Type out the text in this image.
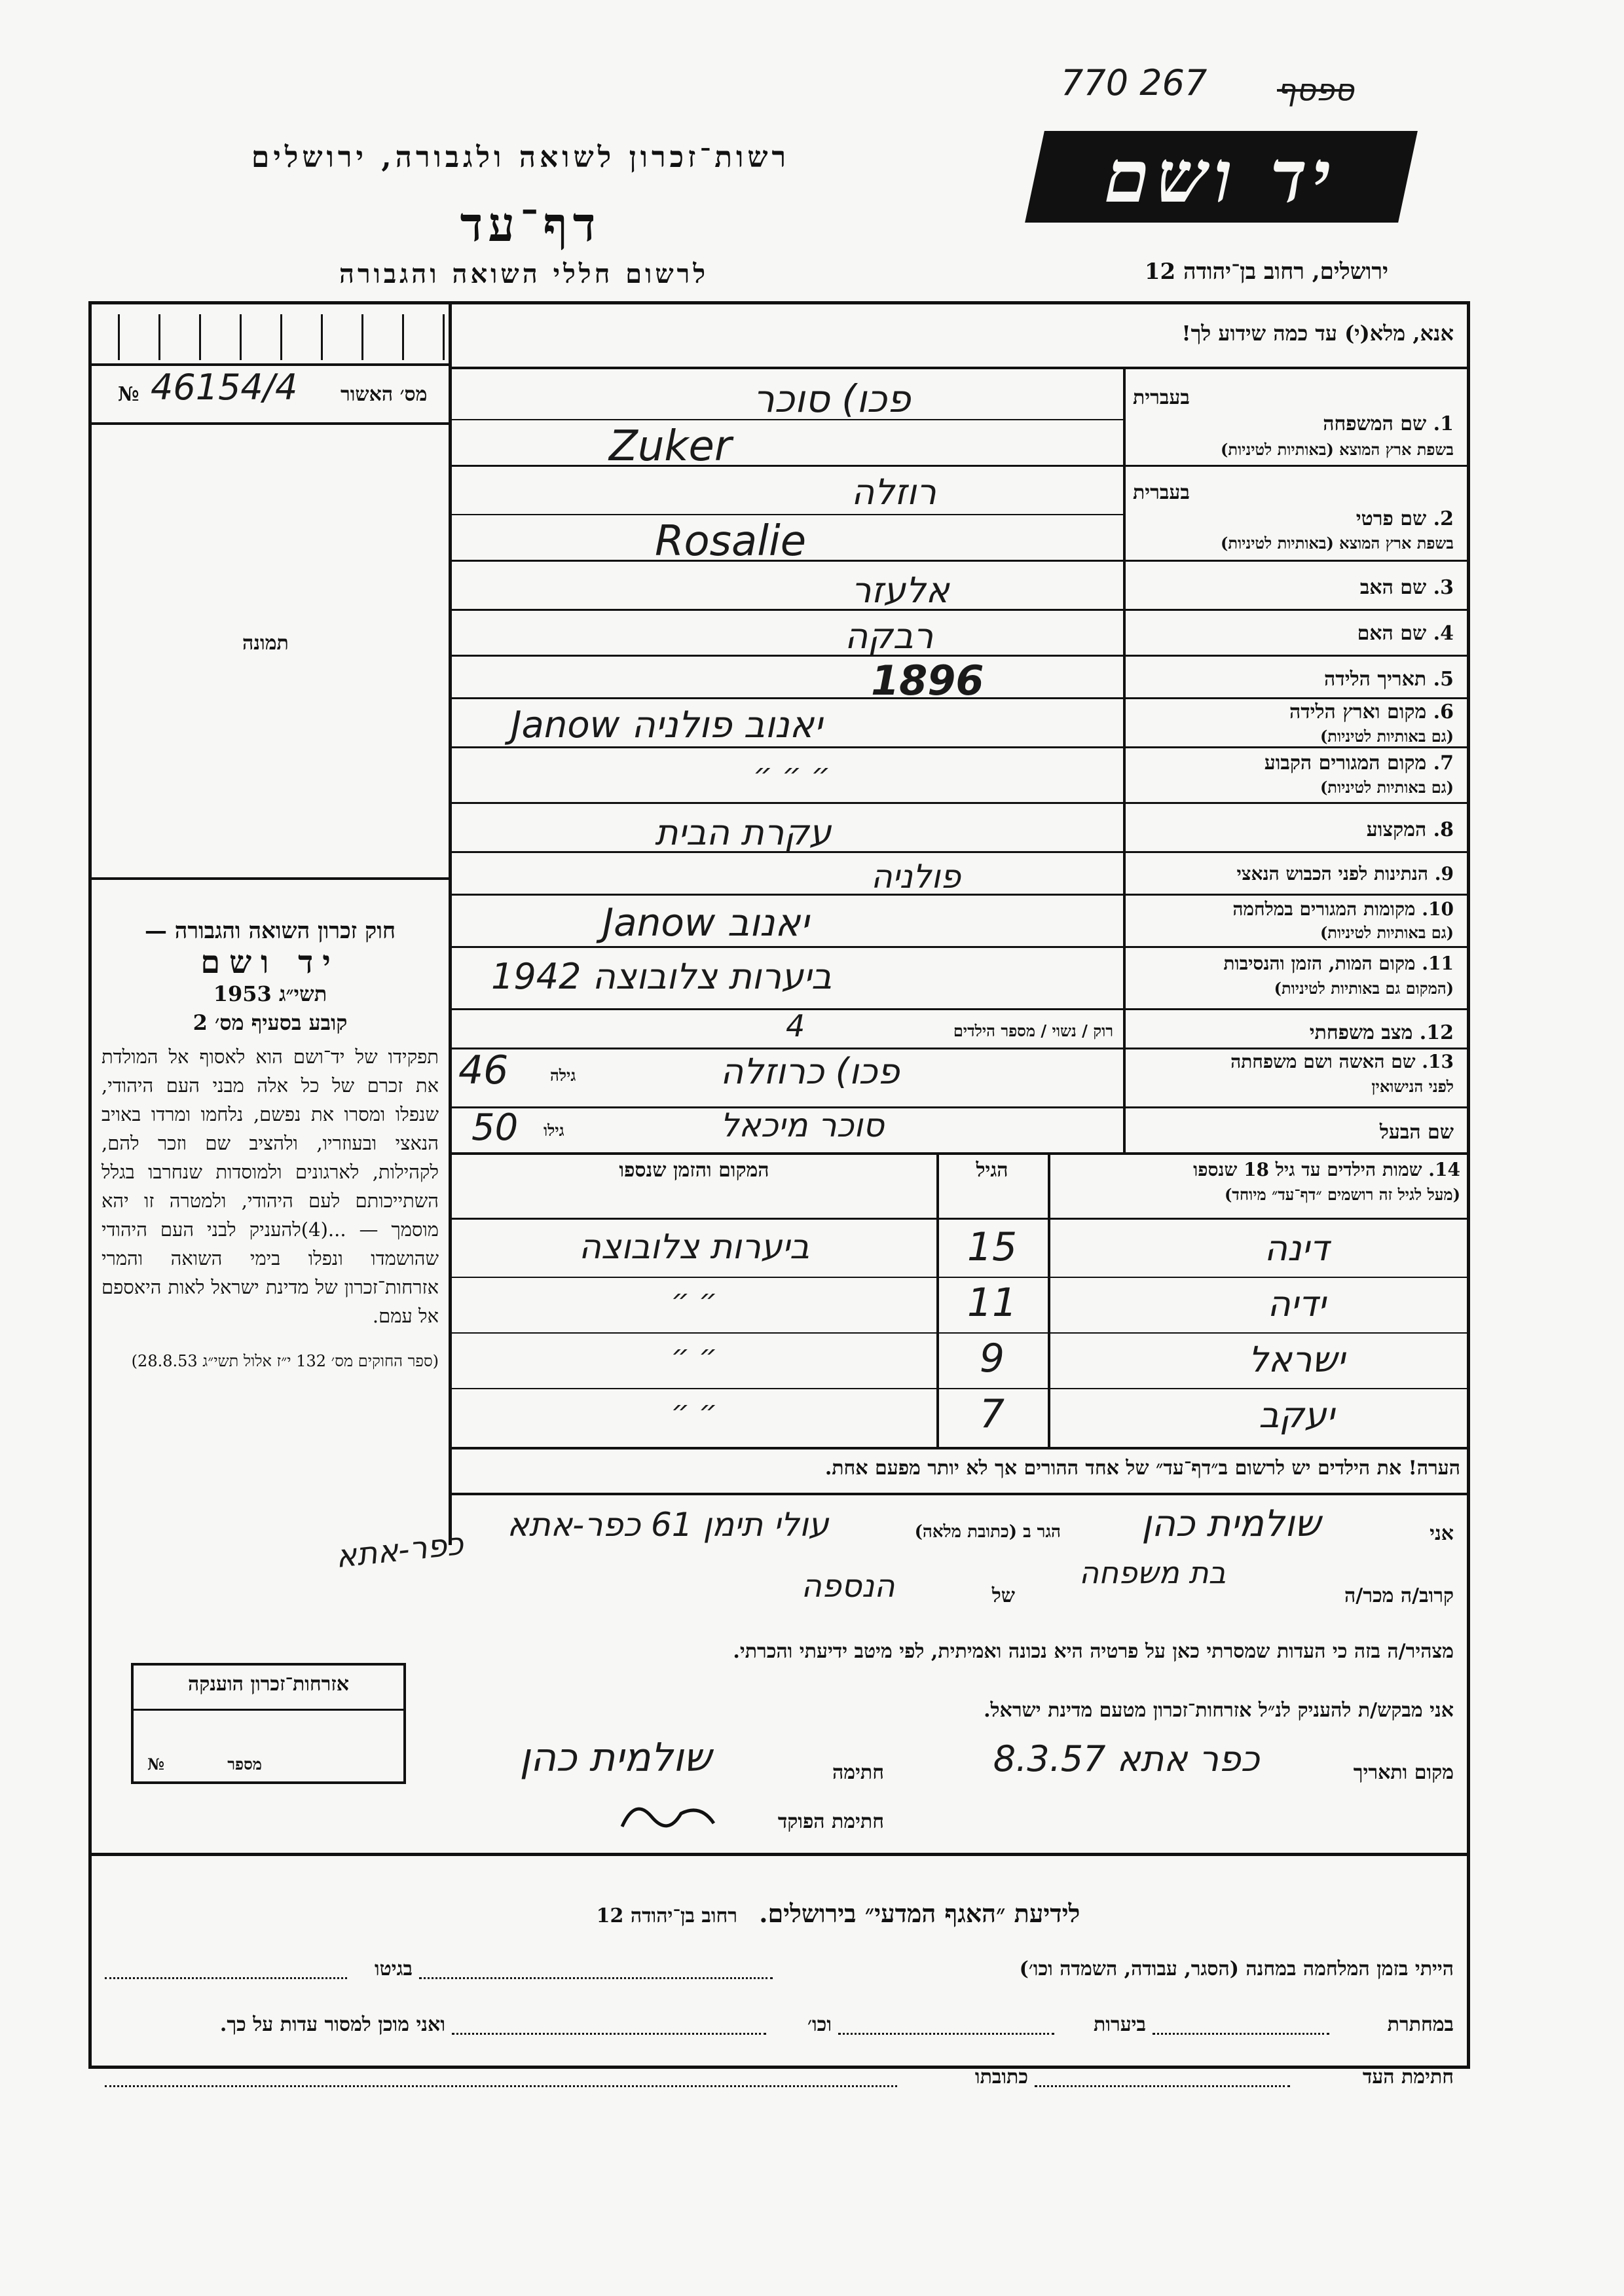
770 267 ספסף
רשות־זכרון לשואה ולגבורה, ירושלים
דף־עד
לרשום חללי השואה והגבורה
יד ושם
ירושלים, רחוב בן־יהודה 12
מס׳ האשור
№ 46154/4
תמונה
חוק זכרון השואה והגבורה —
יד ושם
תשי״ג 1953
קובע בסעיף מס׳ 2
תפקידו של יד־ושם הוא לאסוף אל המולדת את זכרם של כל אלה מבני העם היהודי, שנפלו ומסרו את נפשם, נלחמו ומרדו באויב הנאצי ובעוזריו, ולהציב שם וזכר להם, לקהילות, לארגונים ולמוסדות שנחרבו בגלל השתייכותם לעם היהודי, ולמטרה זו יהא מוסמך — ...(4)להעניק לבני העם היהודי שהושמדו ונפלו בימי השואה והמרי אזרחות־זכרון של מדינת ישראל לאות היאספם אל עמם.
(ספר החוקים מס׳ 132 י״ז אלול תשי״ג 28.8.53)
אנא, מלא(י) עד כמה שידוע לך!
בעברית
1. שם המשפחה
בשפת ארץ המוצא (באותיות לטיניות)
בעברית
2. שם פרטי
בשפת ארץ המוצא (באותיות לטיניות)
3. שם האב
4. שם האם
5. תאריך הלידה
6. מקום וארץ הלידה
(גם באותיות לטיניות)
7. מקום המגורים הקבוע
(גם באותיות לטיניות)
8. המקצוע
9. הנתינות לפני הכבוש הנאצי
10. מקומות המגורים במלחמה
(גם באותיות לטיניות)
11. מקום המות, הזמן והנסיבות
(המקום גם באותיות לטיניות)
12. מצב משפחתי
13. שם האשה ושם משפחתה
לפני הנישואין
שם הבעל
פכו) סוכר
Zuker
רוזלה
Rosalie
אלעזר
רבקה
1896
יאנוב פולניה Janow
״ ״ ״
עקרת הבית
פולניה
יאנוב Janow
ביערות צלובוצה 1942
רוק / נשוי / מספר הילדים
4
פכו) כרוזלה
גילה
46
סוכר מיכאל
גילו
50
14. שמות הילדים עד גיל 18 שנספו
(מעל לגיל זה רושמים ״דף־עד״ מיוחד)
הגיל
המקום והזמן שנספו
דינה
15
ביערות צלובוצה
ידיה
11
״ ״
ישראל
9
״ ״
יעקב
7
״ ״
הערה! את הילדים יש לרשום ב״דף־עד״ של אחד ההורים אך לא יותר מפעם אחת.
אני
שולמית כהן
הגר ב (כתובת מלאה)
עולי תימן 61 כפר-אתא
כפר-אתא
קרוב/ה מכר/ה
בת משפחה
של
הנספה
מצהיר/ה בזה כי העדות שמסרתי כאן על פרטיה היא נכונה ואמיתית, לפי מיטב ידיעתי והכרתי.
אני מבקש/ת להעניק לנ״ל אזרחות־זכרון מטעם מדינת ישראל.
מקום ותאריך
כפר אתא 8.3.57
חתימה
שולמית כהן
חתימת הפוקד
אזרחות־זכרון הוענקה
מספר
№
לידיעת ״האגף המדעי״ בירושלים. רחוב בן־יהודה 12
הייתי בזמן המלחמה במחנה (הסגר, עבודה, השמדה וכו׳)
בגיטו
במחתרת
ביערות
וכו׳
ואני מוכן למסור עדות על כך.
חתימת העד
כתובתו
